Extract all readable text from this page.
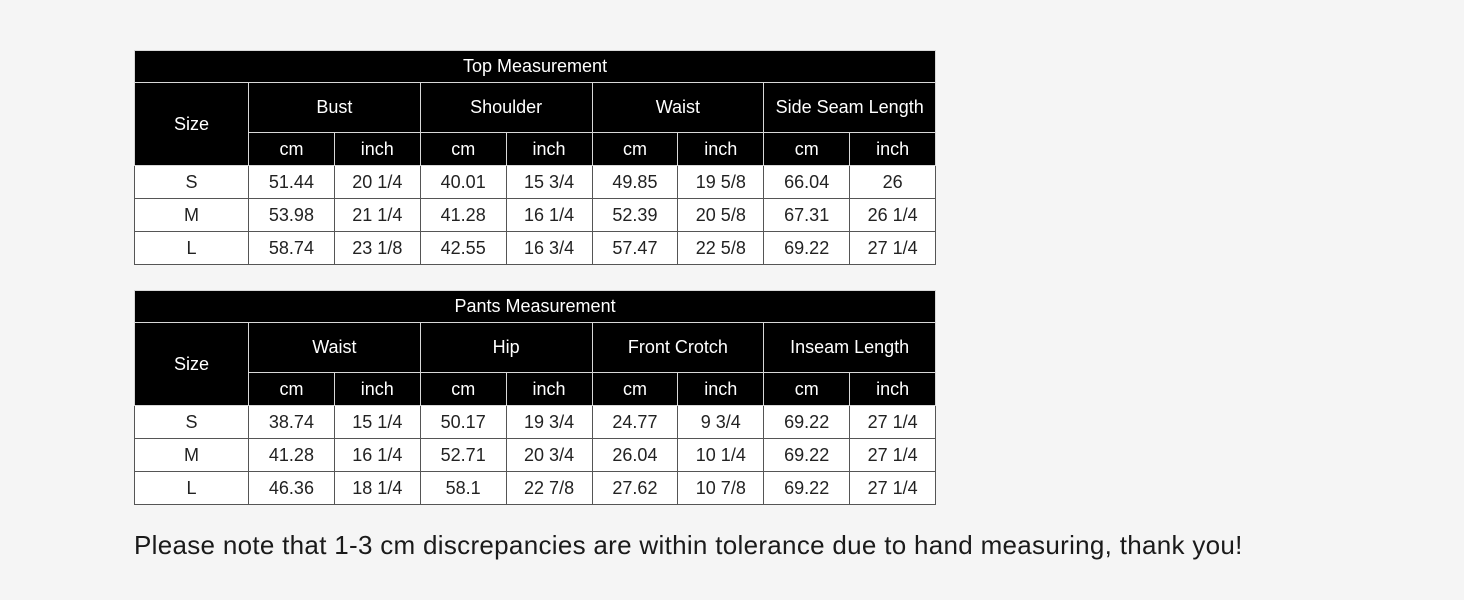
Top Measurement								
Size	Bust		Shoulder		Waist		Side Seam Length	
	cm	inch	cm	inch	cm	inch	cm	inch
S	51.44	20 1/4	40.01	15 3/4	49.85	19 5/8	66.04	26
M	53.98	21 1/4	41.28	16 1/4	52.39	20 5/8	67.31	26 1/4
L	58.74	23 1/8	42.55	16 3/4	57.47	22 5/8	69.22	27 1/4
Pants Measurement								
Size	Waist		Hip		Front Crotch		Inseam Length	
	cm	inch	cm	inch	cm	inch	cm	inch
S	38.74	15 1/4	50.17	19 3/4	24.77	9 3/4	69.22	27 1/4
M	41.28	16 1/4	52.71	20 3/4	26.04	10 1/4	69.22	27 1/4
L	46.36	18 1/4	58.1	22 7/8	27.62	10 7/8	69.22	27 1/4
Please note that 1-3 cm discrepancies are within tolerance due to hand measuring, thank you!
